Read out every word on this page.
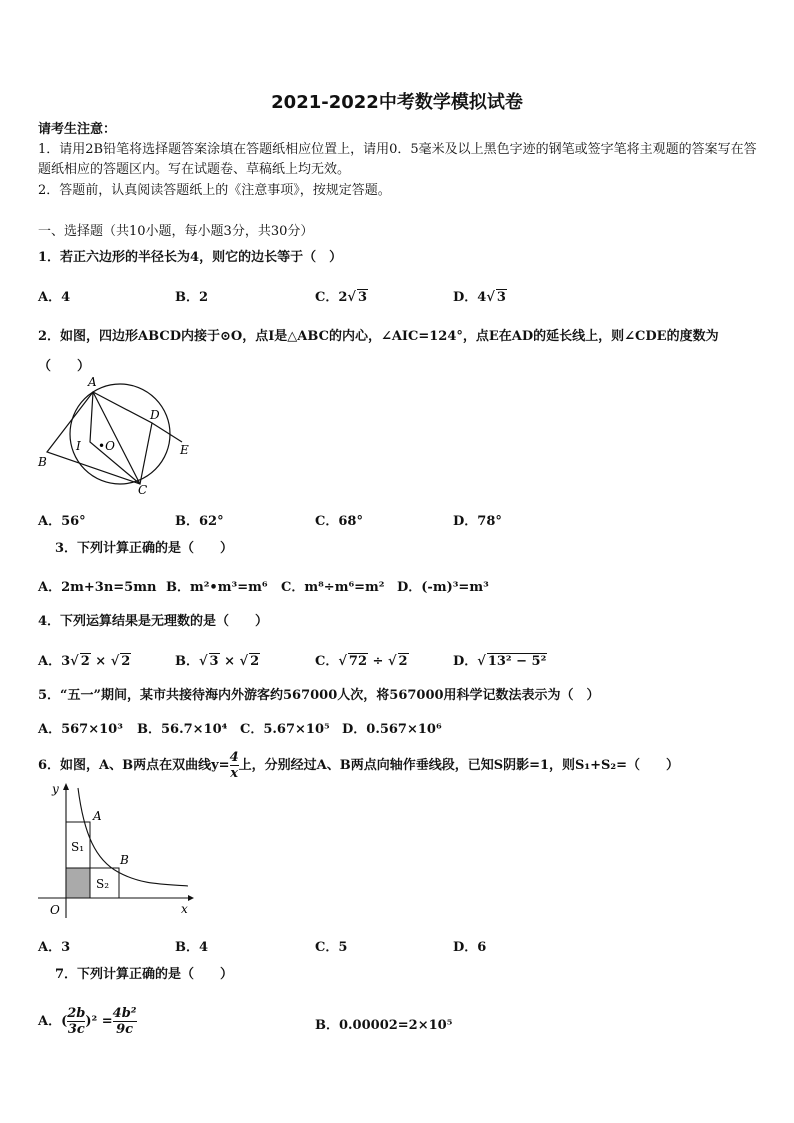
2021-2022中考数学模拟试卷
请考生注意：
1．请用2B铅笔将选择题答案涂填在答题纸相应位置上，请用0．5毫米及以上黑色字迹的钢笔或签字笔将主观题的答案写在答题纸相应的答题区内。写在试题卷、草稿纸上均无效。
2．答题前，认真阅读答题纸上的《注意事项》，按规定答题。
一、选择题（共10小题，每小题3分，共30分）
1．若正六边形的半径长为4，则它的边长等于（　）
A．4	B．2	C．2√ 3	D．4√ 3
2．如图，四边形ABCD内接于⊙O，点I是△ABC的内心，∠AIC=124°，点E在AD的延长线上，则∠CDE的度数为（　　）
A
B
C
D
E
I •O
A．56°	B．62°	C．68°	D．78°
3．下列计算正确的是（　　）
A．2m+3n=5mn B．m²•m³=m⁶ C．m⁸÷m⁶=m² D．(-m)³=m³
4．下列运算结果是无理数的是（　　）
A．3√ 2 × √ 2	B．√ 3 × √ 2	C．√ 72 ÷ √ 2	D．√ 13² − 5²
5．“五一”期间，某市共接待海内外游客约567000人次，将567000用科学记数法表示为（　）
A．567×10³ B．56.7×10⁴ C．5.67×10⁵ D．0.567×10⁶
6．如图，A、B两点在双曲线$y= \frac{4}{x}$ 上，分别经过A、B两点向轴作垂线段，已知S阴影=1，则S₁+S₂=（　　）
y
x
O
A
B
S₁
S₂
A．3	B．4	C．5	D．6
7．下列计算正确的是（　　）
A．( $\frac{2b}{3c} )^2 = \frac{\text{4b²}}{9c}$	B．0.00002=2×10⁵
